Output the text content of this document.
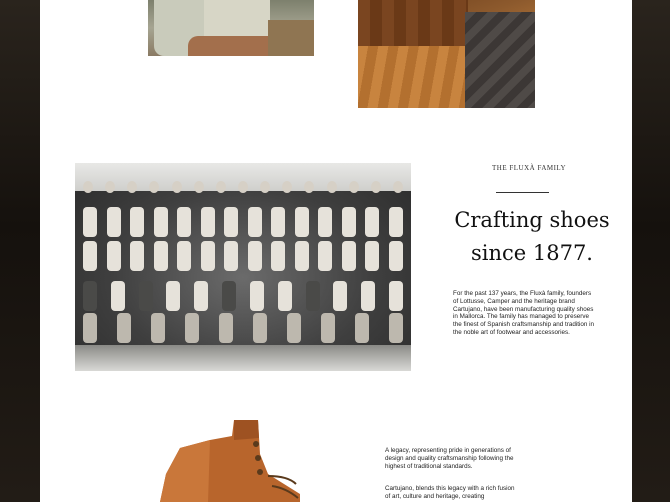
THE FLUXÀ FAMILY
Crafting shoes
since 1877.
For the past 137 years, the Fluxà family, founders of Lottusse, Camper and the heritage brand Cartujano, have been manufacturing quality shoes in Mallorca. The family has managed to preserve the finest of Spanish craftsmanship and tradition in the noble art of footwear and accessories.
A legacy, representing pride in generations of design and quality craftsmanship following the highest of traditional standards.
Cartujano, blends this legacy with a rich fusion of art, culture and heritage, creating
